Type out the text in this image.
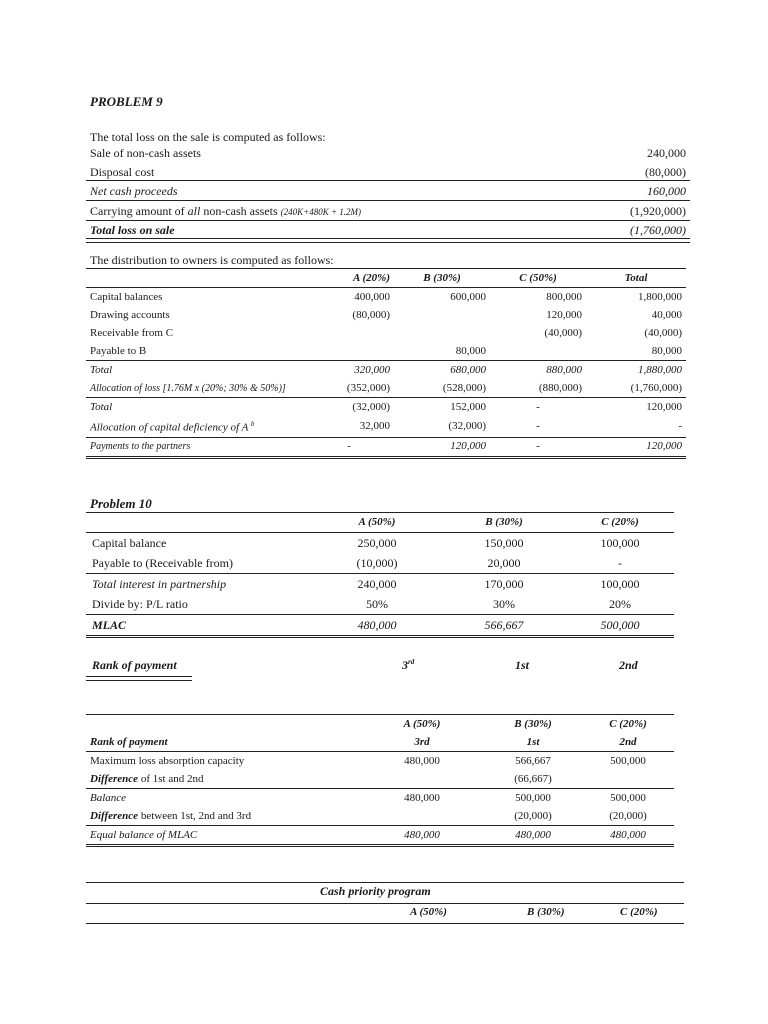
PROBLEM 9
The total loss on the sale is computed as follows:
Sale of non-cash assets	240,000
Disposal cost	(80,000)
Net cash proceeds	160,000
Carrying amount of all non-cash assets (240K+480K + 1.2M)	(1,920,000)
Total loss on sale	(1,760,000)
The distribution to owners is computed as follows:
	A (20%)	B (30%)	C (50%)	Total
Capital balances	400,000	600,000	800,000	1,800,000
Drawing accounts	(80,000)		120,000	40,000
Receivable from C			(40,000)	(40,000)
Payable to B		80,000		80,000
Total	320,000	680,000	880,000	1,880,000
Allocation of loss [1.76M x (20%; 30% & 50%)]	(352,000)	(528,000)	(880,000)	(1,760,000)
Total	(32,000)	152,000	-	120,000
Allocation of capital deficiency of A $^b$	32,000	(32,000)	-	-
Payments to the partners	-	120,000	-	120,000
Problem 10
	A (50%)	B (30%)	C (20%)
Capital balance	250,000	150,000	100,000
Payable to (Receivable from)	(10,000)	20,000	-
Total interest in partnership	240,000	170,000	100,000
Divide by: P/L ratio	50%	30%	20%
MLAC	480,000	566,667	500,000
Rank of payment	3rd	1st	2nd
	A (50%)	B (30%)	C (20%)
Rank of payment	3rd	1st	2nd
Maximum loss absorption capacity	480,000	566,667	500,000
Difference of 1st and 2nd		(66,667)	
Balance	480,000	500,000	500,000
Difference between 1st, 2nd and 3rd		(20,000)	(20,000)
Equal balance of MLAC	480,000	480,000	480,000
Cash priority program
A (50%)	B (30%)	C (20%)
